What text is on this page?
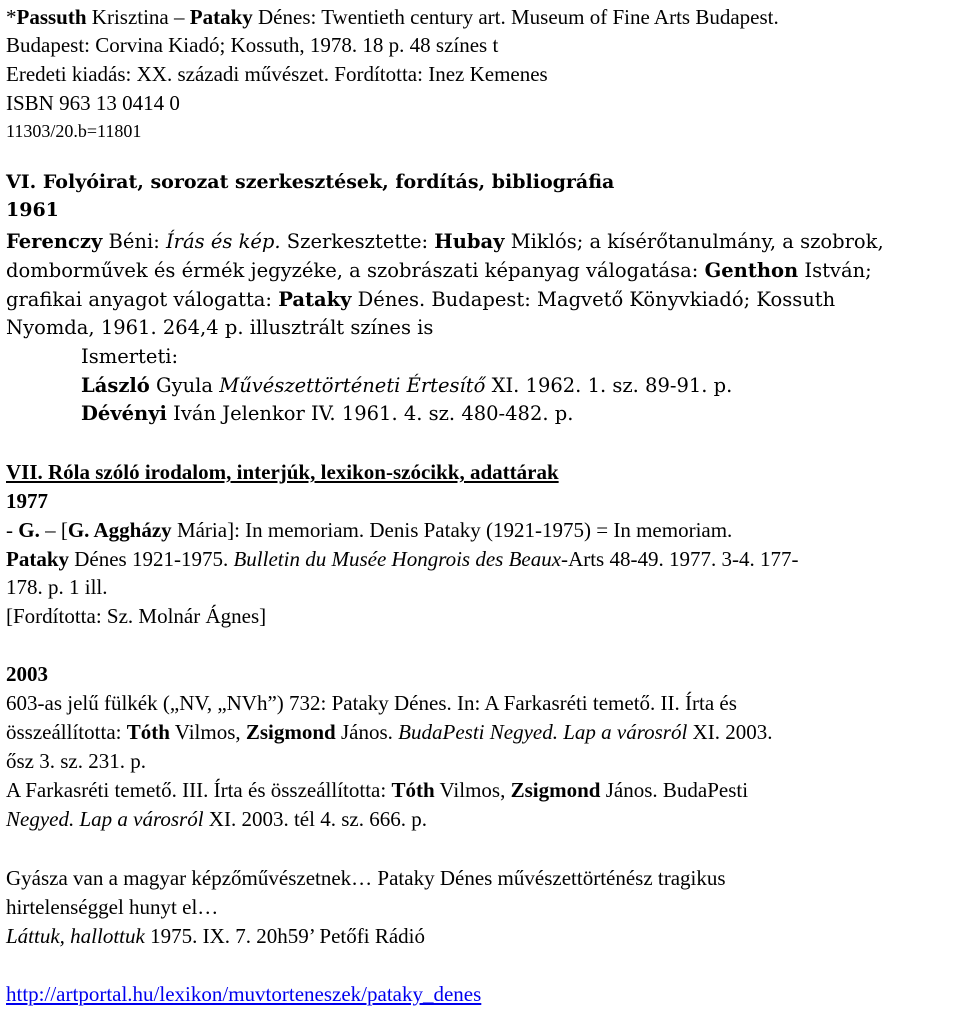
*Passuth Krisztina – Pataky Dénes: Twentieth century art. Museum of Fine Arts Budapest.
Budapest: Corvina Kiadó; Kossuth, 1978. 18 p. 48 színes t
Eredeti kiadás: XX. századi művészet. Fordította: Inez Kemenes
ISBN 963 13 0414 0
11303/20.b=11801
VI. Folyóirat, sorozat szerkesztések, fordítás, bibliográfia
1961
Ferenczy Béni: Írás és kép. Szerkesztette: Hubay Miklós; a kísérőtanulmány, a szobrok,
domborművek és érmék jegyzéke, a szobrászati képanyag válogatása: Genthon István;
grafikai anyagot válogatta: Pataky Dénes. Budapest: Magvető Könyvkiadó; Kossuth
Nyomda, 1961. 264,4 p. illusztrált színes is
Ismerteti:
László Gyula Művészettörténeti Értesítő XI. 1962. 1. sz. 89-91. p.
Dévényi Iván Jelenkor IV. 1961. 4. sz. 480-482. p.
VII. Róla szóló irodalom, interjúk, lexikon-szócikk, adattárak
1977
- G. – [G. Aggházy Mária]: In memoriam. Denis Pataky (1921-1975) = In memoriam.
Pataky Dénes 1921-1975. Bulletin du Musée Hongrois des Beaux-Arts 48-49. 1977. 3-4. 177-
178. p. 1 ill.
[Fordította: Sz. Molnár Ágnes]
2003
603-as jelű fülkék („NV, „NVh”) 732: Pataky Dénes. In: A Farkasréti temető. II. Írta és
összeállította: Tóth Vilmos, Zsigmond János. BudaPesti Negyed. Lap a városról XI. 2003.
ősz 3. sz. 231. p.
A Farkasréti temető. III. Írta és összeállította: Tóth Vilmos, Zsigmond János. BudaPesti
Negyed. Lap a városról XI. 2003. tél 4. sz. 666. p.
Gyásza van a magyar képzőművészetnek… Pataky Dénes művészettörténész tragikus
hirtelenséggel hunyt el…
Láttuk, hallottuk 1975. IX. 7. 20h59’ Petőfi Rádió
http://artportal.hu/lexikon/muvtorteneszek/pataky_denes
